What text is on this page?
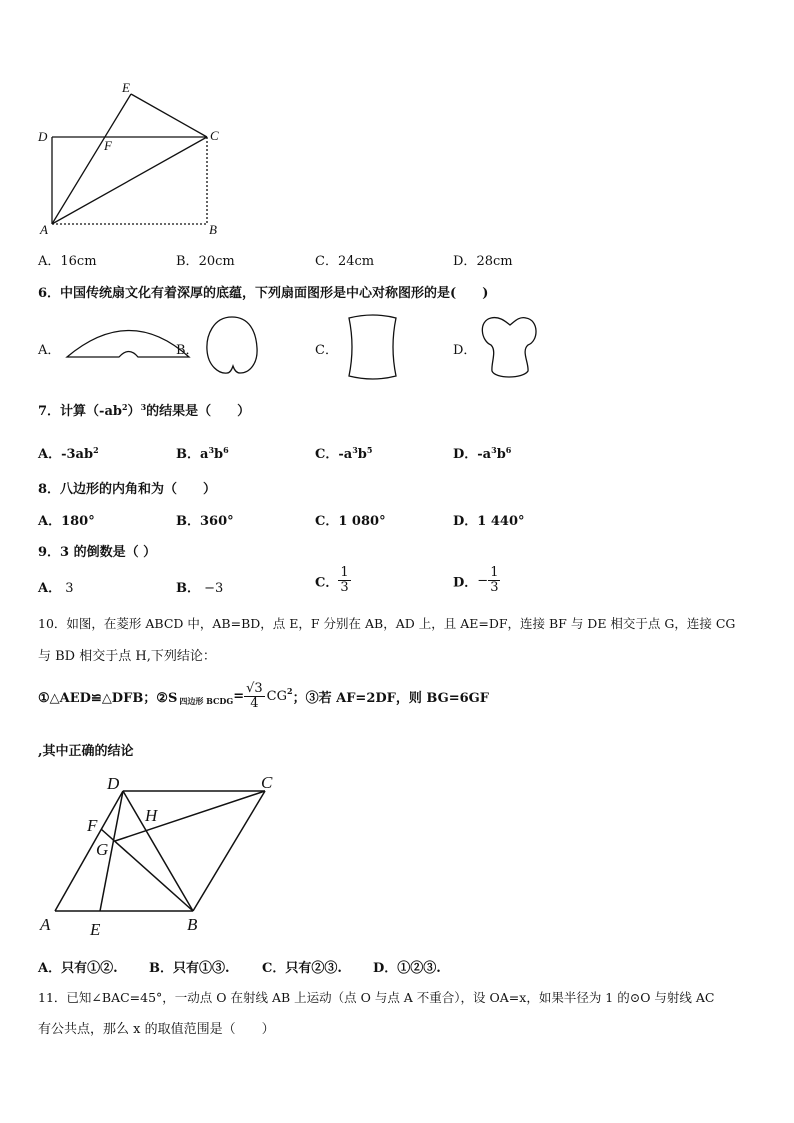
D
E
C
F
A	B
A．16cm	B．20cm	C．24cm	D．28cm
6．中国传统扇文化有着深厚的底蕴，下列扇面图形是中心对称图形的是(　　)
A．	B．	C．	D．
7．计算$(-ab^2)^3$的结果是（　　）
A．$-3ab^2$	B．$a^3b^6$	C．$-a^3b^5$	D．$-a^3b^6$
8．八边形的内角和为（　　）
A．180°	B．360°	C．1 080°	D．1 440°
9．3 的倒数是（ ）
A． 3	B． −3	C． $\frac{1}{3}$	D．− $\frac{1}{3}$
10．如图，在菱形 ABCD 中，AB=BD，点 E，F 分别在 AB，AD 上，且 AE=DF，连接 BF 与 DE 相交于点 G，连接 CG
与 BD 相交于点 H,下列结论：
①△AED≌△DFB；②S 四边形 BCDG = $\frac{√3}{4} CG^2$
；③若 AF=2DF，则 BG=6GF
,其中正确的结论
D	C
H
F
G
A E	B
A．只有①②. B．只有①③. C．只有②③. D．①②③.
11．已知∠BAC=45°，一动点 O 在射线 AB 上运动（点 O 与点 A 不重合），设 OA=x，如果半径为 1 的⊙O 与射线 AC
有公共点，那么 x 的取值范围是（　　）
